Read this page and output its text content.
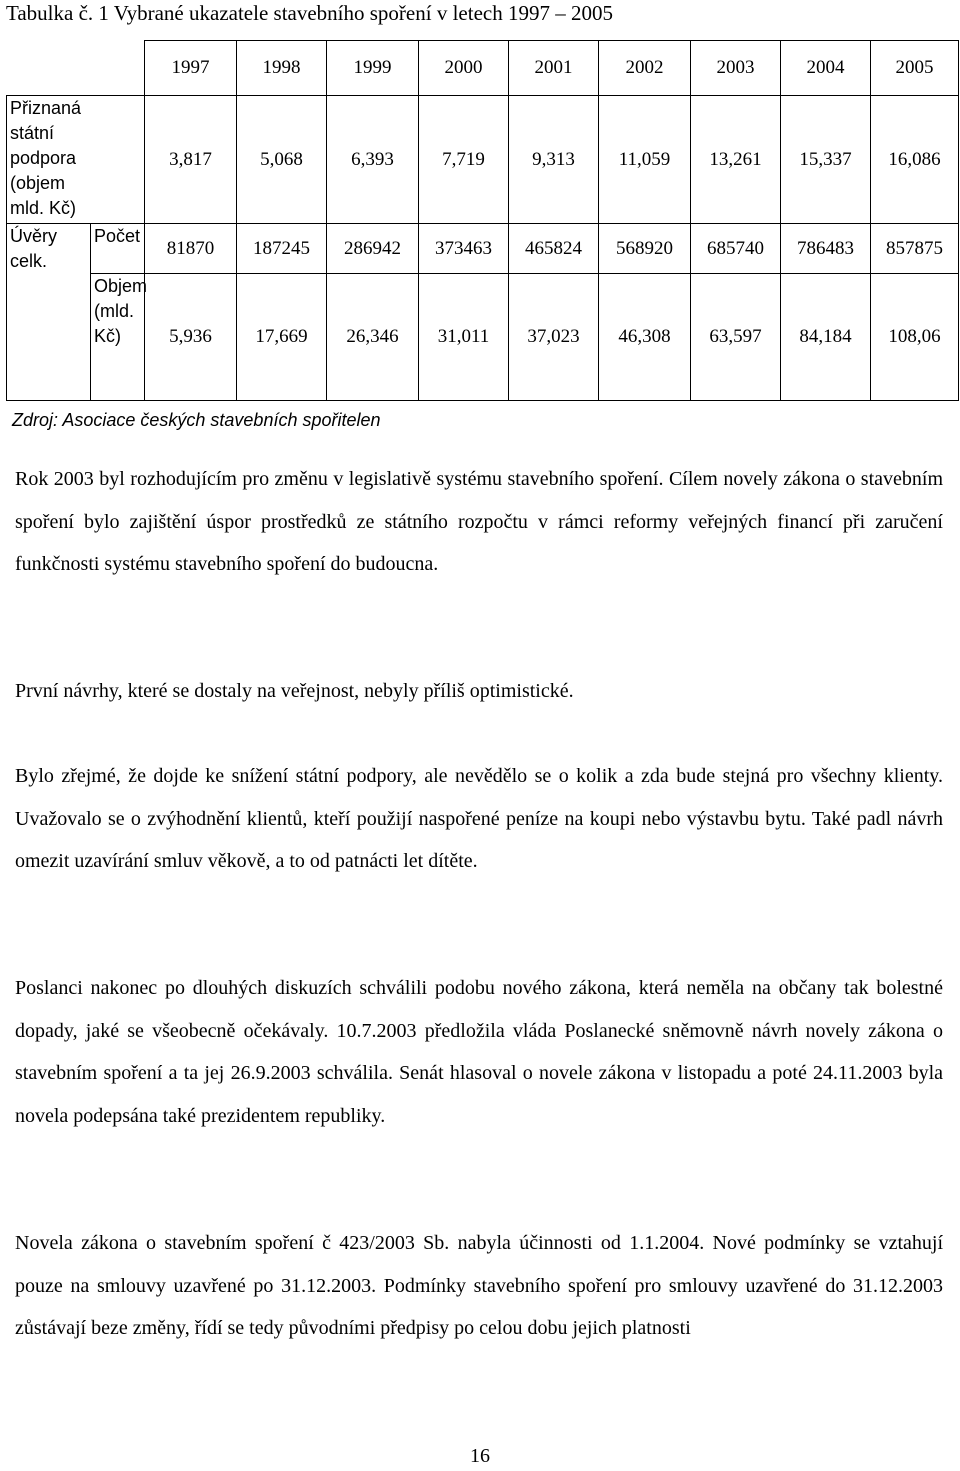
Tabulka č. 1 Vybrané ukazatele stavebního spoření v letech 1997 – 2005
		1997	1998	1999	2000	2001	2002	2003	2004	2005
Přiznaná státní podpora (objem mld. Kč)		3,817	5,068	6,393	7,719	9,313	11,059	13,261	15,337	16,086
Úvěry celk.	Počet	81870	187245	286942	373463	465824	568920	685740	786483	857875
	Objem (mld. Kč)	5,936	17,669	26,346	31,011	37,023	46,308	63,597	84,184	108,06
Zdroj: Asociace českých stavebních spořitelen

Rok 2003 byl rozhodujícím pro změnu v legislativě systému stavebního spoření. Cílem novely zákona o stavebním spoření bylo zajištění úspor prostředků ze státního rozpočtu v rámci reformy veřejných financí při zaručení funkčnosti systému stavebního spoření do budoucna.

První návrhy, které se dostaly na veřejnost, nebyly příliš optimistické.

Bylo zřejmé, že dojde ke snížení státní podpory, ale nevědělo se o kolik a zda bude stejná pro všechny klienty. Uvažovalo se o zvýhodnění klientů, kteří použijí naspořené peníze na koupi nebo výstavbu bytu. Také padl návrh omezit uzavírání smluv věkově, a to od patnácti let dítěte.

Poslanci nakonec po dlouhých diskuzích schválili podobu nového zákona, která neměla na občany tak bolestné dopady, jaké se všeobecně očekávaly. 10.7.2003 předložila vláda Poslanecké sněmovně návrh novely zákona o stavebním spoření a ta jej 26.9.2003 schválila. Senát hlasoval o novele zákona v listopadu a poté 24.11.2003 byla novela podepsána také prezidentem republiky.

Novela zákona o stavebním spoření č 423/2003 Sb. nabyla účinnosti od 1.1.2004. Nové podmínky se vztahují pouze na smlouvy uzavřené po 31.12.2003. Podmínky stavebního spoření pro smlouvy uzavřené do 31.12.2003 zůstávají beze změny, řídí se tedy původními předpisy po celou dobu jejich platnosti

16
